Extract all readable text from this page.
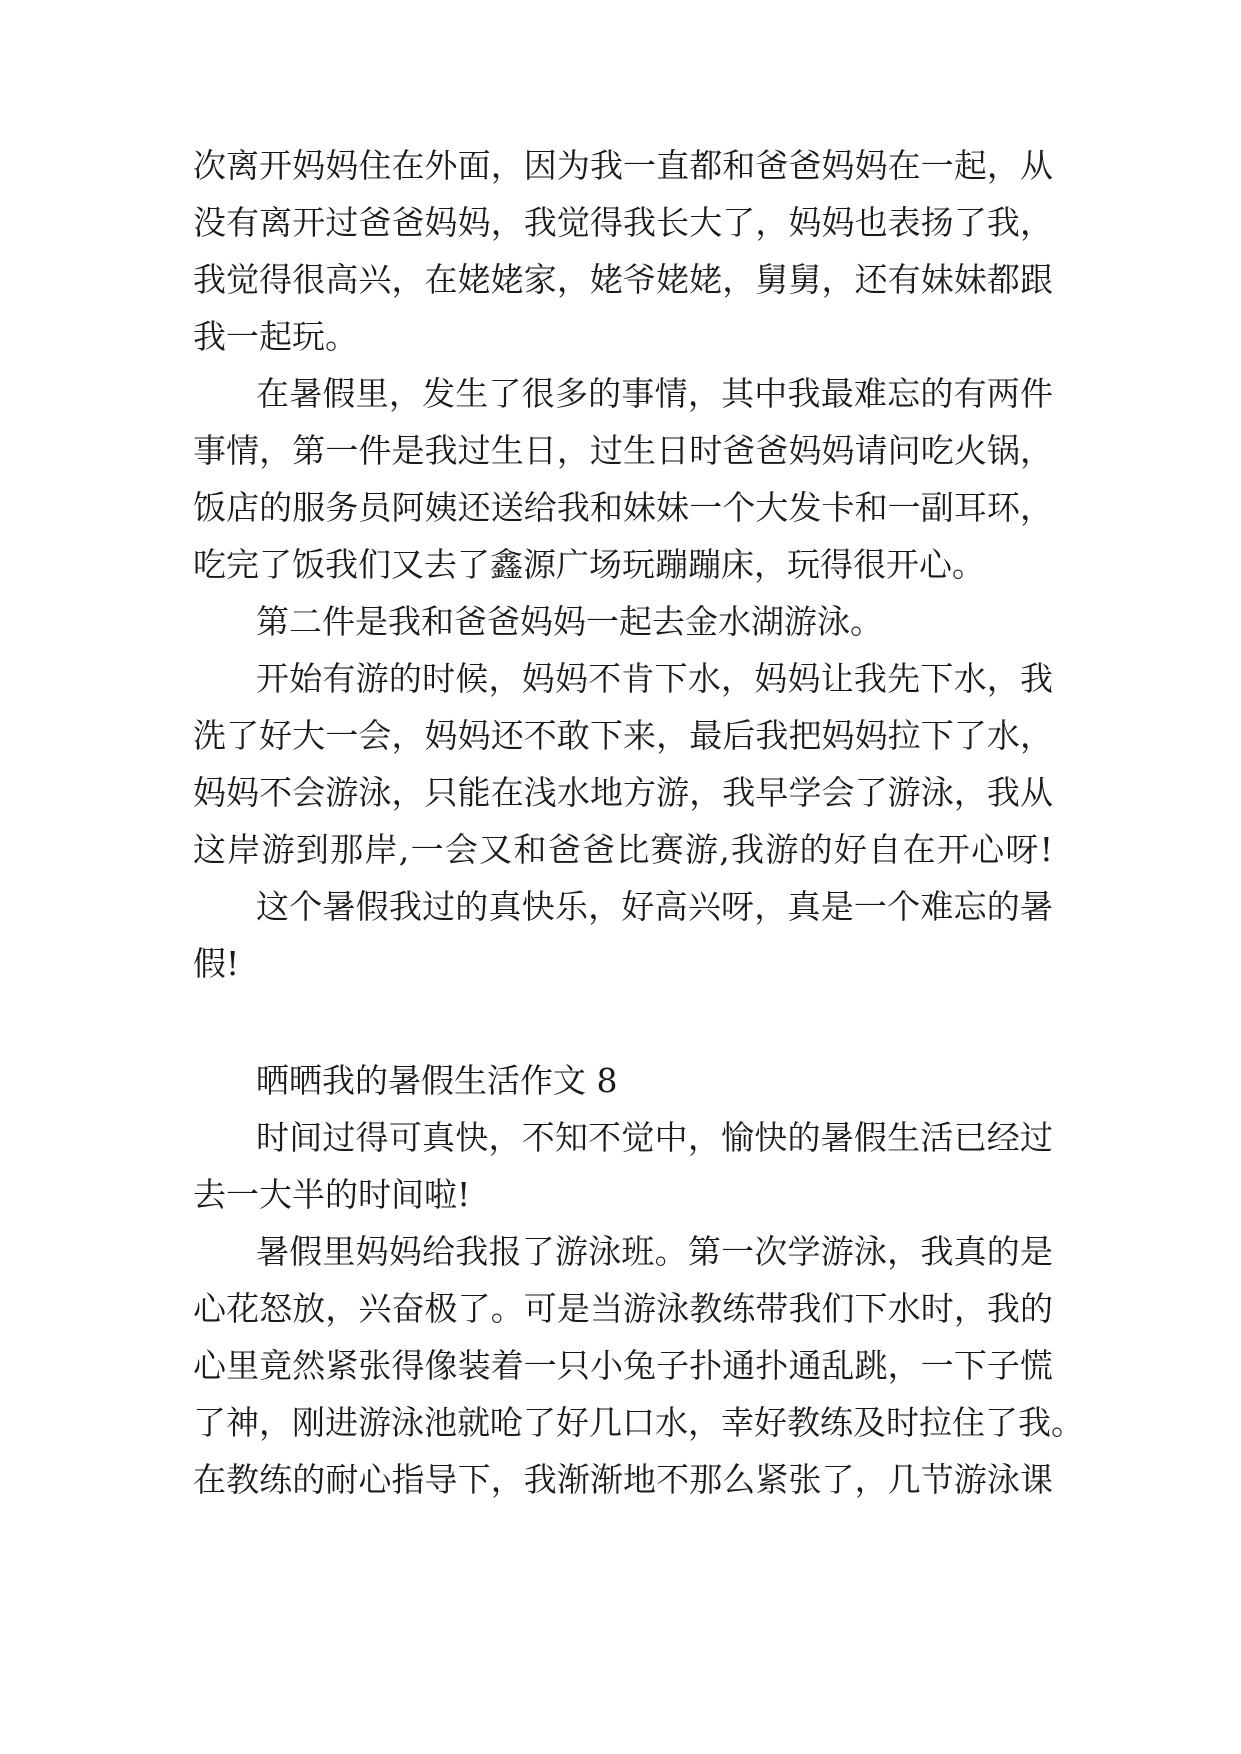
次离开妈妈住在外面，因为我一直都和爸爸妈妈在一起，从
没有离开过爸爸妈妈，我觉得我长大了，妈妈也表扬了我，
我觉得很高兴，在姥姥家，姥爷姥姥，舅舅，还有妹妹都跟
我一起玩。
在暑假里，发生了很多的事情，其中我最难忘的有两件
事情，第一件是我过生日，过生日时爸爸妈妈请问吃火锅，
饭店的服务员阿姨还送给我和妹妹一个大发卡和一副耳环，
吃完了饭我们又去了鑫源广场玩蹦蹦床，玩得很开心。
第二件是我和爸爸妈妈一起去金水湖游泳。
开始有游的时候，妈妈不肯下水，妈妈让我先下水，我
洗了好大一会，妈妈还不敢下来，最后我把妈妈拉下了水，
妈妈不会游泳，只能在浅水地方游，我早学会了游泳，我从
这岸游到那岸,一会又和爸爸比赛游,我游的好自在开心呀!
这个暑假我过的真快乐，好高兴呀，真是一个难忘的暑
假!
晒晒我的暑假生活作文 8
时间过得可真快，不知不觉中，愉快的暑假生活已经过
去一大半的时间啦!
暑假里妈妈给我报了游泳班。第一次学游泳，我真的是
心花怒放，兴奋极了。可是当游泳教练带我们下水时，我的
心里竟然紧张得像装着一只小兔子扑通扑通乱跳，一下子慌
了神，刚进游泳池就呛了好几口水，幸好教练及时拉住了我。
在教练的耐心指导下，我渐渐地不那么紧张了，几节游泳课
